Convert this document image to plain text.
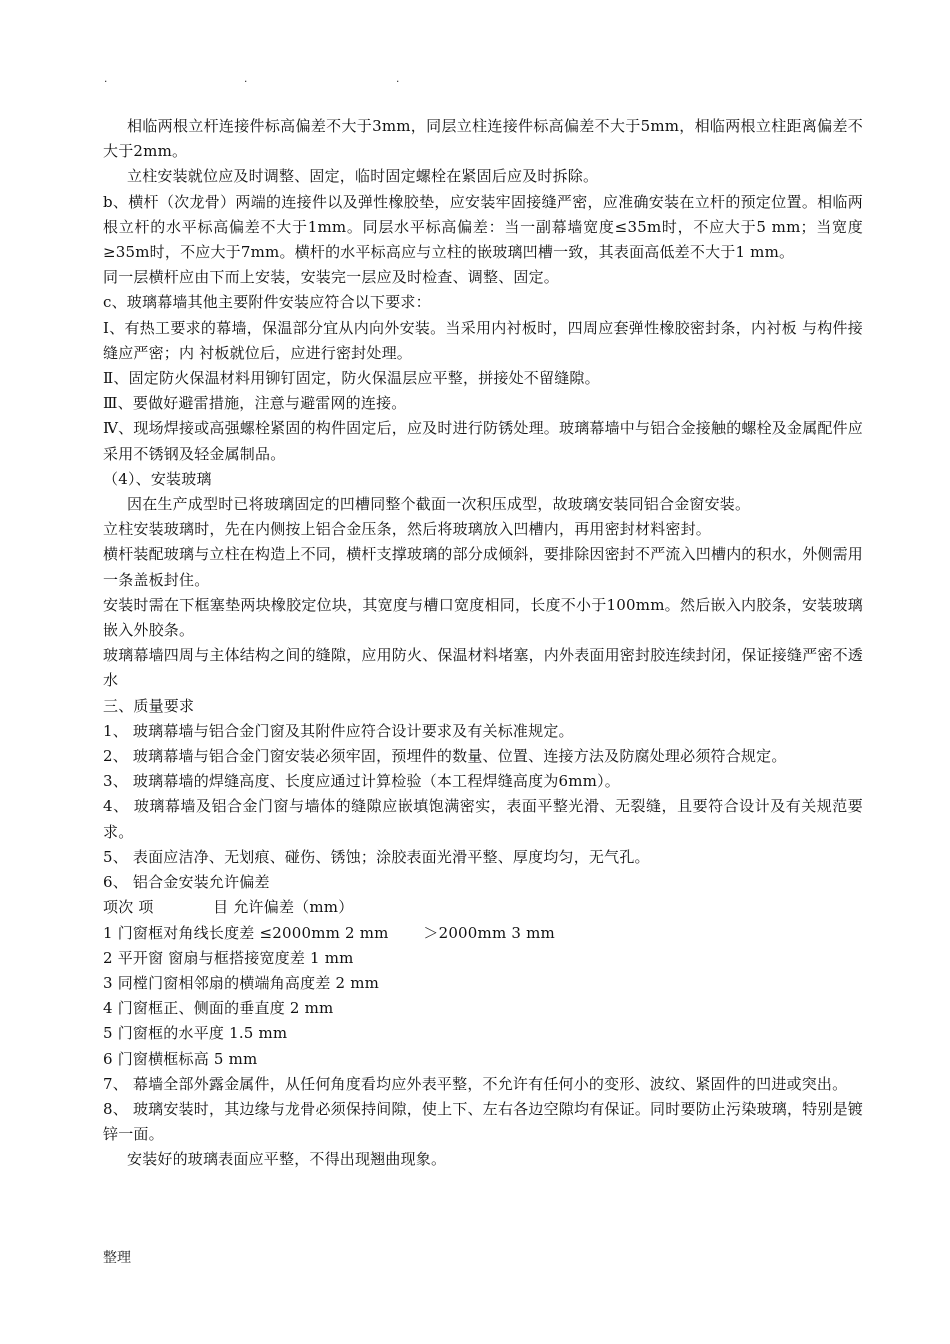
.	.	.

相临两根立杆连接件标高偏差不大于3mm，同层立柱连接件标高偏差不大于5mm，相临两根立柱距离偏差不大于2mm。

立柱安装就位应及时调整、固定，临时固定螺栓在紧固后应及时拆除。

b、横杆（次龙骨）两端的连接件以及弹性橡胶垫，应安装牢固接缝严密，应准确安装在立杆的预定位置。相临两根立杆的水平标高偏差不大于1mm。同层水平标高偏差：当一副幕墙宽度≤35m时，不应大于5 mm；当宽度≥35m时，不应大于7mm。横杆的水平标高应与立柱的嵌玻璃凹槽一致，其表面高低差不大于1 mm。

同一层横杆应由下而上安装，安装完一层应及时检查、调整、固定。

c、玻璃幕墙其他主要附件安装应符合以下要求：

Ⅰ、有热工要求的幕墙，保温部分宜从内向外安装。当采用内衬板时，四周应套弹性橡胶密封条，内衬板 与构件接缝应严密；内 衬板就位后，应进行密封处理。

Ⅱ、固定防火保温材料用铆钉固定，防火保温层应平整，拼接处不留缝隙。

Ⅲ、要做好避雷措施，注意与避雷网的连接。

Ⅳ、现场焊接或高强螺栓紧固的构件固定后，应及时进行防锈处理。玻璃幕墙中与铝合金接触的螺栓及金属配件应采用不锈钢及轻金属制品。

（4）、安装玻璃

因在生产成型时已将玻璃固定的凹槽同整个截面一次积压成型，故玻璃安装同铝合金窗安装。

立柱安装玻璃时，先在内侧按上铝合金压条，然后将玻璃放入凹槽内，再用密封材料密封。

横杆装配玻璃与立柱在构造上不同，横杆支撑玻璃的部分成倾斜，要排除因密封不严流入凹槽内的积水，外侧需用一条盖板封住。

安装时需在下框塞垫两块橡胶定位块，其宽度与槽口宽度相同，长度不小于100mm。然后嵌入内胶条，安装玻璃嵌入外胶条。

玻璃幕墙四周与主体结构之间的缝隙，应用防火、保温材料堵塞，内外表面用密封胶连续封闭，保证接缝严密不透水

三、质量要求

1、 玻璃幕墙与铝合金门窗及其附件应符合设计要求及有关标准规定。

2、 玻璃幕墙与铝合金门窗安装必须牢固，预埋件的数量、位置、连接方法及防腐处理必须符合规定。

3、 玻璃幕墙的焊缝高度、长度应通过计算检验（本工程焊缝高度为6mm）。

4、 玻璃幕墙及铝合金门窗与墙体的缝隙应嵌填饱满密实，表面平整光滑、无裂缝，且要符合设计及有关规范要求。

5、 表面应洁净、无划痕、碰伤、锈蚀；涂胶表面光滑平整、厚度均匀，无气孔。

6、 铝合金安装允许偏差

项次 项            目 允许偏差（mm）

1 门窗框对角线长度差 ≤2000mm 2 mm       ＞2000mm 3 mm

2 平开窗 窗扇与框搭接宽度差 1 mm

3 同樘门窗相邻扇的横端角高度差 2 mm

4 门窗框正、侧面的垂直度 2 mm

5 门窗框的水平度 1.5 mm

6 门窗横框标高 5 mm

7、 幕墙全部外露金属件，从任何角度看均应外表平整，不允许有任何小的变形、波纹、紧固件的凹进或突出。

8、 玻璃安装时，其边缘与龙骨必须保持间隙，使上下、左右各边空隙均有保证。同时要防止污染玻璃，特别是镀锌一面。

安装好的玻璃表面应平整，不得出现翘曲现象。

整理
